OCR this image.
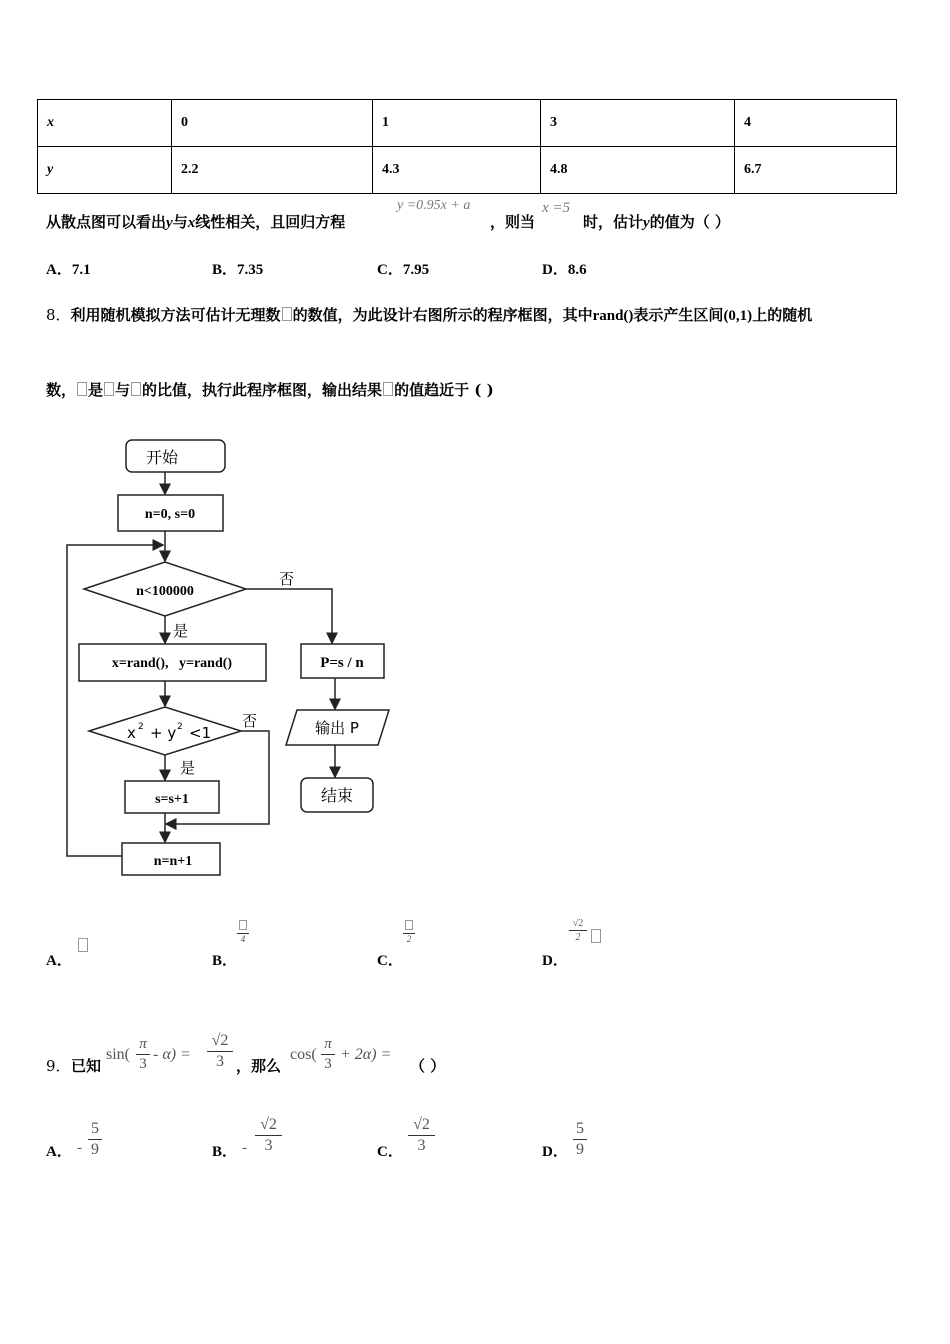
x	0	1	3	4
y	2.2	4.3	4.8	6.7
从散点图可以看出y与x线性相关，且回归方程
y =0.95x + a
，则当
x =5
时，估计y的值为（ ）
A．7.1	B．7.35	C．7.95	D．8.6
8．利用随机模拟方法可估计无理数 的数值，为此设计右图所示的程序框图，其中rand()表示产生区间(0,1)上的随机
数， 是 与 的比值，执行此程序框图，输出结果 的值趋近于 ( )
开始
n=0, s=0
n<100000
否
是
x=rand(),   y=rand()
x 2 + y 2 <1
否
是
s=s+1
n=n+1
P=s / n
输出 P
结束
A．	B．
4
C．
2
D．
√2
2
9． 已知
sin(
π
3
- α) =
√2
3 ，那么
cos(
π
3
+ 2α) =
（ ）
A． -
5
9	B． -
√2
3	C．
√2
3	D．
5
9
